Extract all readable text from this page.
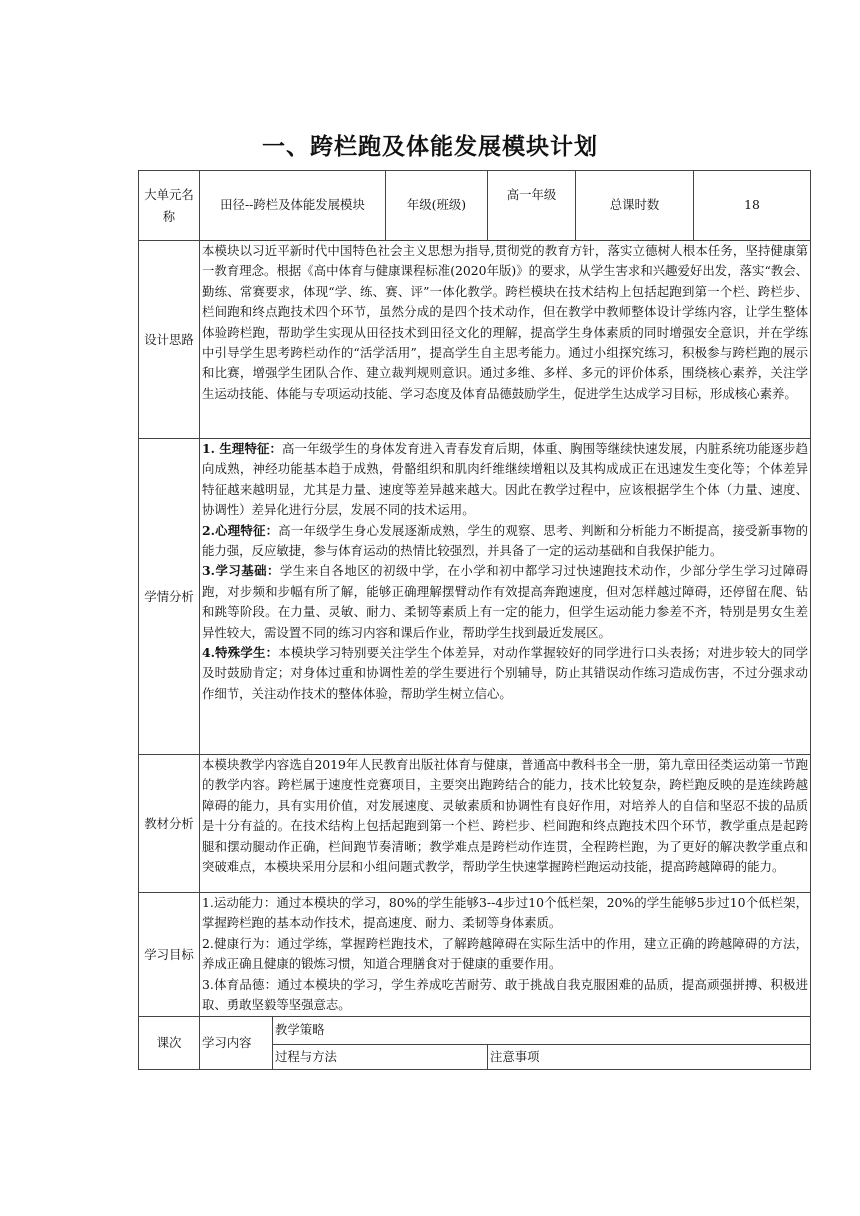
一、跨栏跑及体能发展模块计划
大单元名称	田径--跨栏及体能发展模块		年级(班级)	高一年级	总课时数	18
设计思路	本模块以习近平新时代中国特色社会主义思想为指导,贯彻党的教育方针，落实立德树人根本任务，坚持健康第一教育理念。根据《高中体育与健康课程标准(2020年版)》的要求，从学生害求和兴趣爱好出发，落实“教会、勤练、常赛要求，体现“学、练、赛、评”一体化教学。跨栏模块在技术结构上包括起跑到第一个栏、跨栏步、栏间跑和终点跑技术四个环节，虽然分成的是四个技术动作，但在教学中教师整体设计学练内容，让学生整体体验跨栏跑，帮助学生实现从田径技术到田径文化的理解，提高学生身体素质的同时增强安全意识，并在学练中引导学生思考跨栏动作的“活学活用”，提高学生自主思考能力。通过小组探究练习，积极参与跨栏跑的展示和比赛，增强学生团队合作、建立裁判规则意识。通过多维、多样、多元的评价体系，围绕核心素养，关注学生运动技能、体能与专项运动技能、学习态度及体育品德鼓励学生，促进学生达成学习目标，形成核心素养。					
学情分析	1. 生理特征：高一年级学生的身体发育进入青春发育后期，体重、胸围等继续快速发展，内脏系统功能逐步趋向成熟，神经功能基本趋于成熟，骨骼组织和肌肉纤维继续增粗以及其构成成正在迅速发生变化等；个体差异特征越来越明显，尤其是力量、速度等差异越来越大。因此在教学过程中，应该根据学生个体（力量、速度、协调性）差异化进行分层，发展不同的技术运用。
2.心理特征：高一年级学生身心发展逐渐成熟，学生的观察、思考、判断和分析能力不断提高，接受新事物的能力强，反应敏捷，参与体育运动的热情比较强烈，并具备了一定的运动基础和自我保护能力。
3.学习基础：学生来自各地区的初级中学，在小学和初中都学习过快速跑技术动作，少部分学生学习过障碍跑，对步频和步幅有所了解，能够正确理解摆臂动作有效提高奔跑速度，但对怎样越过障碍，还停留在爬、钻和跳等阶段。在力量、灵敏、耐力、柔韧等素质上有一定的能力，但学生运动能力参差不齐，特别是男女生差异性较大，需设置不同的练习内容和课后作业，帮助学生找到最近发展区。
4.特殊学生：本模块学习特别要关注学生个体差异，对动作掌握较好的同学进行口头表扬；对进步较大的同学及时鼓励肯定；对身体过重和协调性差的学生要进行个别辅导，防止其错误动作练习造成伤害，不过分强求动作细节，关注动作技术的整体体验，帮助学生树立信心。					

教材分析	本模块教学内容选自2019年人民教育出版社体育与健康，普通高中教科书全一册，第九章田径类运动第一节跑的教学内容。跨栏属于速度性竞赛项目，主要突出跑跨结合的能力，技术比较复杂，跨栏跑反映的是连续跨越障碍的能力，具有实用价值，对发展速度、灵敏素质和协调性有良好作用，对培养人的自信和坚忍不拔的品质是十分有益的。在技术结构上包括起跑到第一个栏、跨栏步、栏间跑和终点跑技术四个环节，教学重点是起跨腿和摆动腿动作正确，栏间跑节奏清晰；教学难点是跨栏动作连贯，全程跨栏跑，为了更好的解决教学重点和突破难点，本模块采用分层和小组问题式教学，帮助学生快速掌握跨栏跑运动技能，提高跨越障碍的能力。					
学习目标	1.运动能力：通过本模块的学习，80%的学生能够3--4步过10个低栏架，20%的学生能够5步过10个低栏架，掌握跨栏跑的基本动作技术，提高速度、耐力、柔韧等身体素质。
2.健康行为：通过学练，掌握跨栏跑技术，了解跨越障碍在实际生活中的作用，建立正确的跨越障碍的方法，养成正确且健康的锻炼习惯，知道合理膳食对于健康的重要作用。
3.体育品德：通过本模块的学习，学生养成吃苦耐劳、敢于挑战自我克服困难的品质，提高顽强拼搏、积极进取、勇敢坚毅等坚强意志。					

课次	学习内容	教学策略				
		过程与方法		注意事项		
